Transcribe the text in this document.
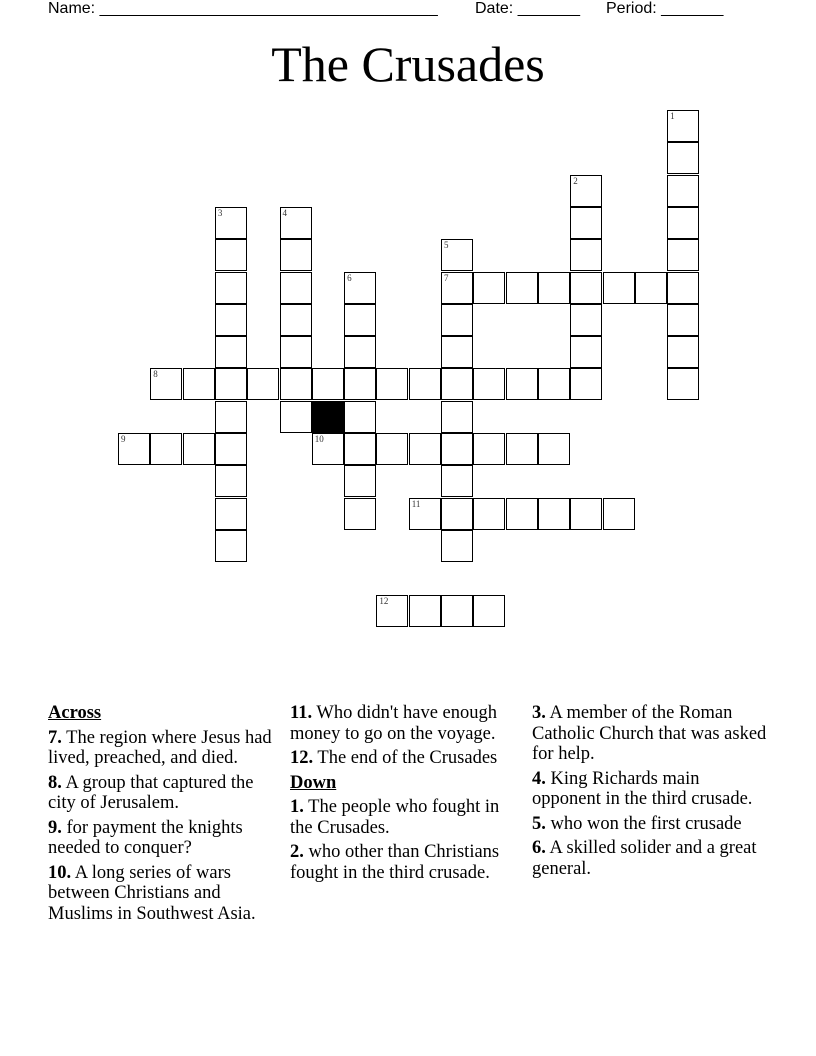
Name: ______________________________________ Date: _______ Period: _______
The Crusades
1
2
3	4
5
7
6
8
9	10
11
12
Across
7. The region where Jesus had lived, preached, and died.
8. A group that captured the city of Jerusalem.
9. for payment the knights needed to conquer?
10. A long series of wars between Christians and Muslims in Southwest Asia.
11. Who didn't have enough money to go on the voyage.
12. The end of the Crusades
Down
1. The people who fought in the Crusades.
2. who other than Christians fought in the third crusade.
3. A member of the Roman Catholic Church that was asked for help.
4. King Richards main opponent in the third crusade.
5. who won the first crusade
6. A skilled solider and a great general.
